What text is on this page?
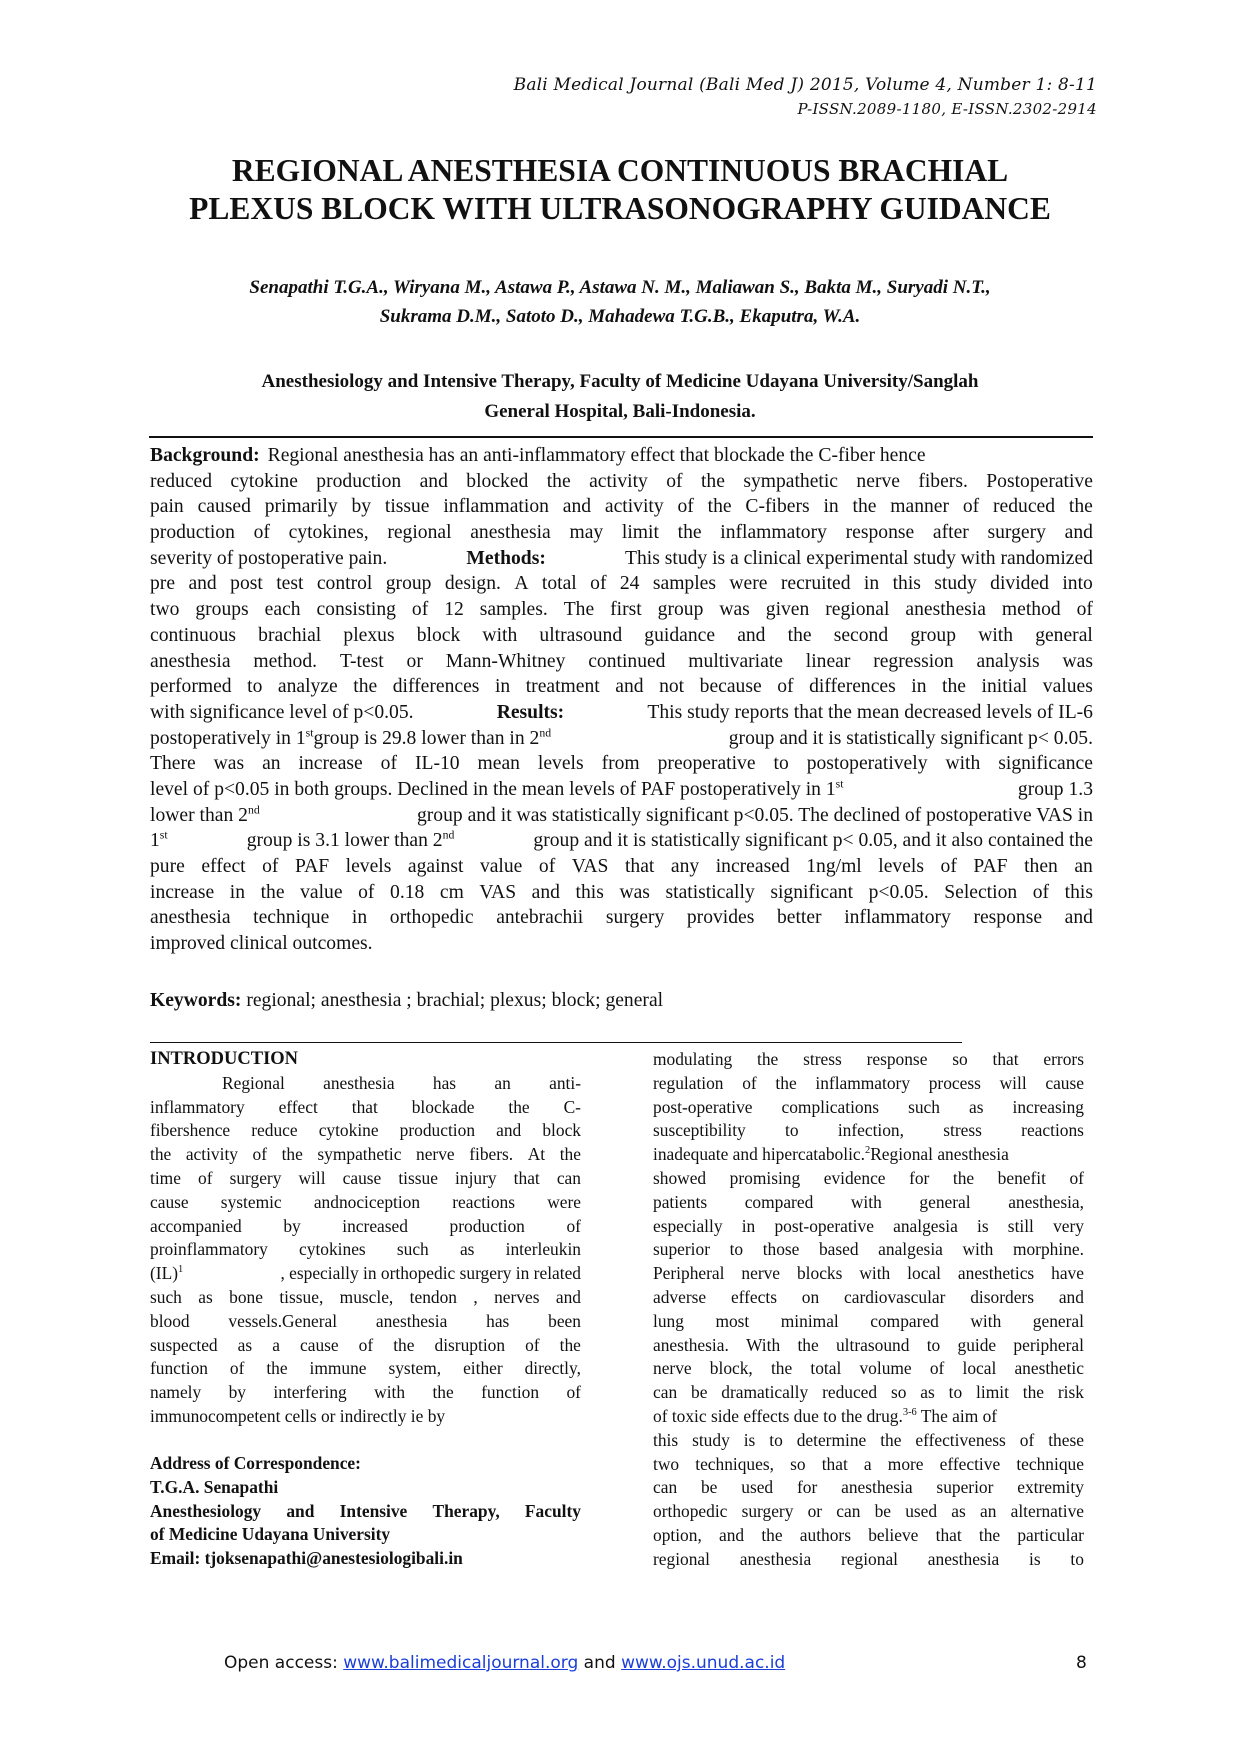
Bali Medical Journal (Bali Med J) 2015, Volume 4, Number 1: 8-11
P-ISSN.2089-1180, E-ISSN.2302-2914
REGIONAL ANESTHESIA CONTINUOUS BRACHIAL
PLEXUS BLOCK WITH ULTRASONOGRAPHY GUIDANCE
Senapathi T.G.A., Wiryana M., Astawa P., Astawa N. M., Maliawan S., Bakta M., Suryadi N.T.,
Sukrama D.M., Satoto D., Mahadewa T.G.B., Ekaputra, W.A.
Anesthesiology and Intensive Therapy, Faculty of Medicine Udayana University/Sanglah
General Hospital, Bali-Indonesia.
Background: Regional anesthesia has an anti-inflammatory effect that blockade the C-fiber hence
reduced cytokine production and blocked the activity of the sympathetic nerve fibers. Postoperative
pain caused primarily by tissue inflammation and activity of the C-fibers in the manner of reduced the
production of cytokines, regional anesthesia may limit the inflammatory response after surgery and
severity of postoperative pain.	Methods:	This study is a clinical experimental study with randomized
pre and post test control group design. A total of 24 samples were recruited in this study divided into
two groups each consisting of 12 samples. The first group was given regional anesthesia method of
continuous brachial plexus block with ultrasound guidance and the second group with general
anesthesia method. T-test or Mann-Whitney continued multivariate linear regression analysis was
performed to analyze the differences in treatment and not because of differences in the initial values
with significance level of p<0.05.	Results:	This study reports that the mean decreased levels of IL-6
postoperatively in 1stgroup is 29.8 lower than in 2nd	group and it is statistically significant p< 0.05.
There was an increase of IL-10 mean levels from preoperative to postoperatively with significance
level of p<0.05 in both groups. Declined in the mean levels of PAF postoperatively in 1st	group 1.3
lower than 2nd	group and it was statistically significant p<0.05. The declined of postoperative VAS in
1st	group is 3.1 lower than 2nd	group and it is statistically significant p< 0.05, and it also contained the
pure effect of PAF levels against value of VAS that any increased 1ng/ml levels of PAF then an
increase in the value of 0.18 cm VAS and this was statistically significant p<0.05. Selection of this
anesthesia technique in orthopedic antebrachii surgery provides better inflammatory response and
improved clinical outcomes.
Keywords: regional; anesthesia ; brachial; plexus; block; general
INTRODUCTION
Regional anesthesia has an anti-
inflammatory effect that blockade the C-
fibershence reduce cytokine production and block
the activity of the sympathetic nerve fibers. At the
time of surgery will cause tissue injury that can
cause systemic andnociception reactions were
accompanied by increased production of
proinflammatory cytokines such as interleukin
(IL)$^1$	, especially in orthopedic surgery in related
such as bone tissue, muscle, tendon , nerves and
blood vessels.General anesthesia has been
suspected as a cause of the disruption of the
function of the immune system, either directly,
namely by interfering with the function of
immunocompetent cells or indirectly ie by
Address of Correspondence:
T.G.A. Senapathi
Anesthesiology and Intensive Therapy, Faculty
of Medicine Udayana University
Email: tjoksenapathi@anestesiologibali.in
modulating the stress response so that errors
regulation of the inflammatory process will cause
post-operative complications such as increasing
susceptibility to infection, stress reactions
inadequate and hipercatabolic.$^2$Regional anesthesia
showed promising evidence for the benefit of
patients compared with general anesthesia,
especially in post-operative analgesia is still very
superior to those based analgesia with morphine.
Peripheral nerve blocks with local anesthetics have
adverse effects on cardiovascular disorders and
lung most minimal compared with general
anesthesia. With the ultrasound to guide peripheral
nerve block, the total volume of local anesthetic
can be dramatically reduced so as to limit the risk
of toxic side effects due to the drug.$^{3-6}$ The aim of
this study is to determine the effectiveness of these
two techniques, so that a more effective technique
can be used for anesthesia superior extremity
orthopedic surgery or can be used as an alternative
option, and the authors believe that the particular
regional anesthesia regional anesthesia is to
Open access: www.balimedicaljournal.org and www.ojs.unud.ac.id	8
